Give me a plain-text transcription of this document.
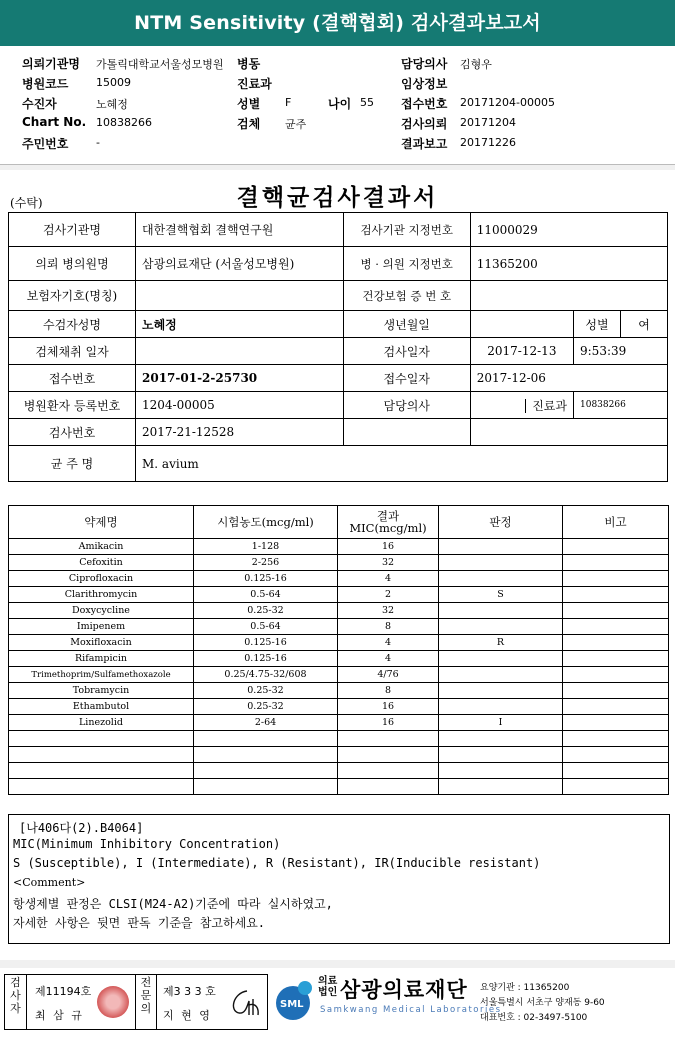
NTM Sensitivity (결핵협회) 검사결과보고서
의뢰기관명 가톨릭대학교서울성모병원 병동	담당의사 김형우
병원코드	15009	진료과	임상정보
수진자	노혜정	성별 F	나이 55 접수번호 20171204-00005
Chart No. 10838266	검체 균주	검사의뢰 20171204
주민번호	-	결과보고 20171226
(수탁)	결핵균검사결과서
검사기관명	대한결핵협회 결핵연구원	검사기관 지정번호	11000029		
의뢰 병의원명	삼광의료재단 (서울성모병원)	병 · 의원 지정번호	11365200		
보험자기호(명칭)		건강보험 증 번 호			
수검자성명	노혜정	생년월일		성별	여
검체채취 일자		검사일자	2017-12-13	9:53:39	
접수번호	2017-01-2-25730	접수일자	2017-12-06		
병원환자 등록번호	1204-00005	담당의사	진료과	10838266	
검사번호	2017-21-12528				
균 주 명	M. avium				
약제명	시험농도(mcg/ml)	결과 MIC(mcg/ml)	판정	비고
Amikacin	1-128	16		
Cefoxitin	2-256	32		
Ciprofloxacin	0.125-16	4		
Clarithromycin	0.5-64	2	S	
Doxycycline	0.25-32	32		
Imipenem	0.5-64	8		
Moxifloxacin	0.125-16	4	R	
Rifampicin	0.125-16	4		
Trimethoprim/Sulfamethoxazole	0.25/4.75-32/608	4/76		
Tobramycin	0.25-32	8		
Ethambutol	0.25-32	16		
Linezolid	2-64	16	I	

[나406다(2).B4064]
MIC(Minimum Inhibitory Concentration)
S (Susceptible), I (Intermediate), R (Resistant), IR(Inducible resistant)
<Comment>
항생제별 판정은 CLSI(M24-A2)기준에 따라 실시하였고,
자세한 사항은 뒷면 판독 기준을 참고하세요.
검사자
제11194호
최 삼 규
전문의
제3 3 3 호
지 현 영
SML
의료법인 삼광의료재단
Samkwang Medical Laboratories
요양기관 : 11365200
서울특별시 서초구 양재동 9-60
대표번호 : 02-3497-5100
